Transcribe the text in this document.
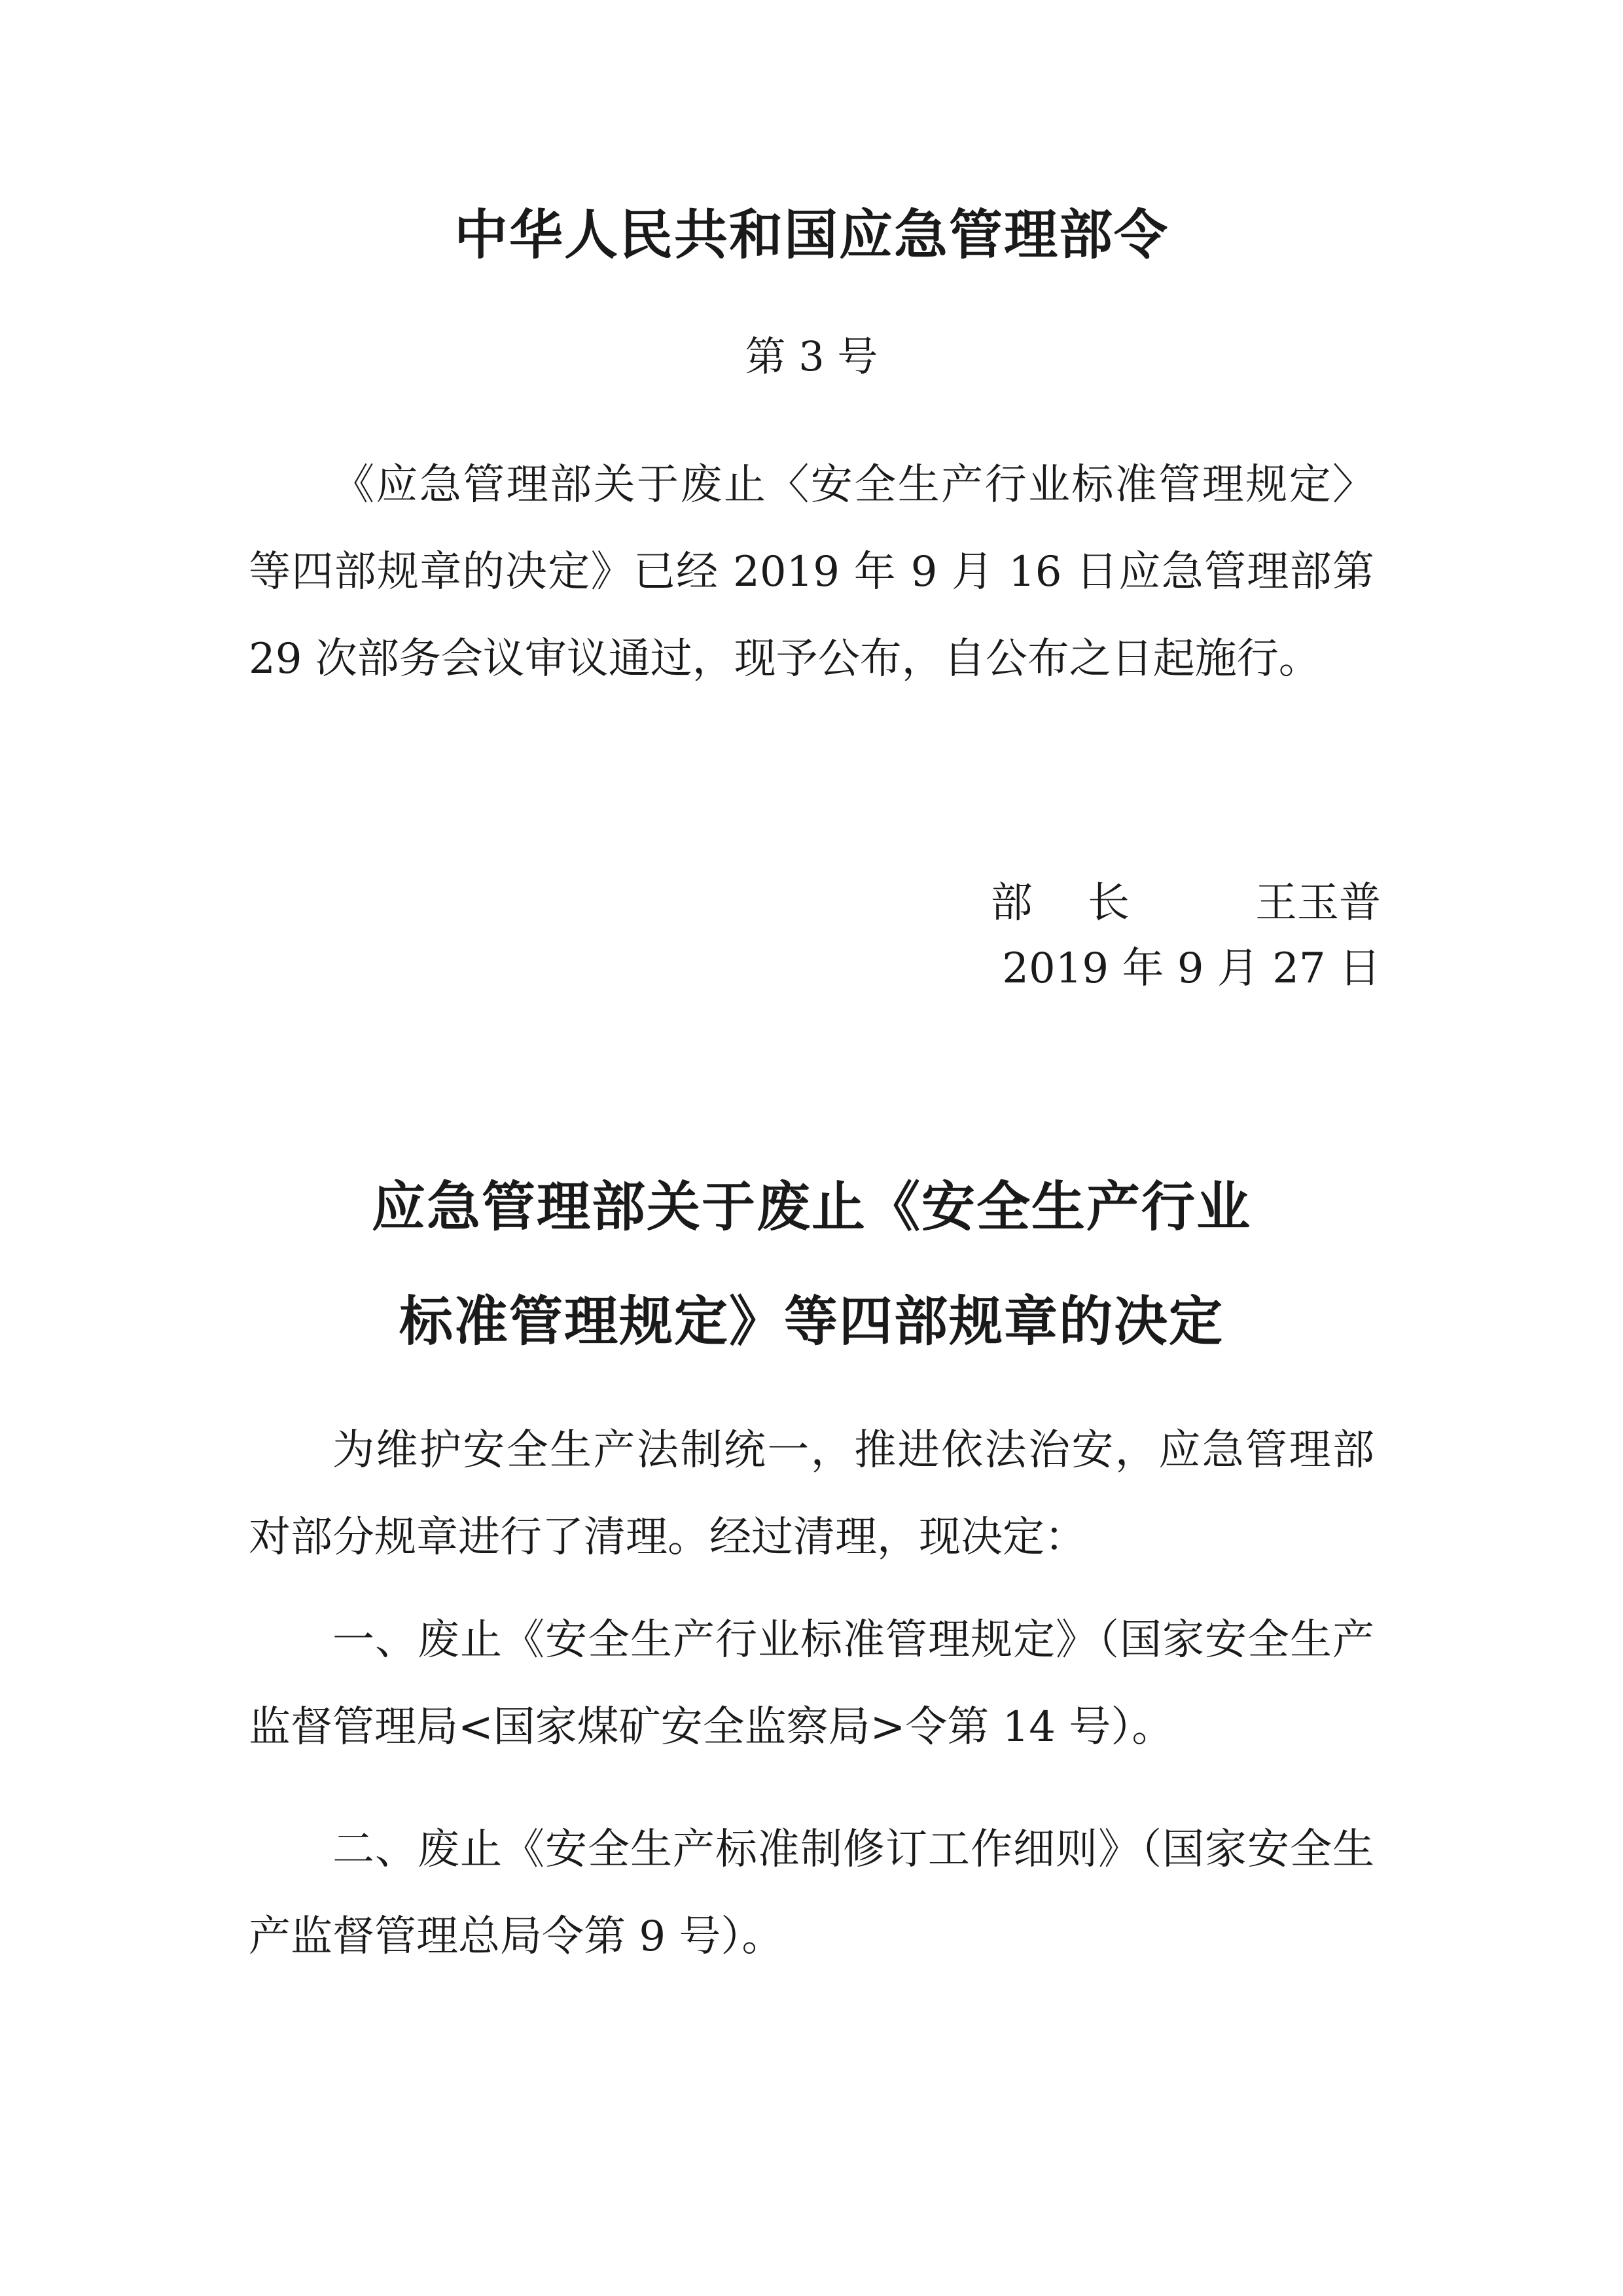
中华人民共和国应急管理部令
第 3 号

《应急管理部关于废止〈安全生产行业标准管理规定〉等四部规章的决定》已经 2019 年 9 月 16 日应急管理部第 29 次部务会议审议通过，现予公布，自公布之日起施行。

部　 长　　　	王玉普

2019 年 9 月 27 日
应急管理部关于废止《安全生产行业
标准管理规定》等四部规章的决定

为维护安全生产法制统一，推进依法治安，应急管理部对部分规章进行了清理。经过清理，现决定：

一、废止《安全生产行业标准管理规定》（国家安全生产监督管理局<国家煤矿安全监察局>令第 14 号）。

二、废止《安全生产标准制修订工作细则》（国家安全生产监督管理总局令第 9 号）。
